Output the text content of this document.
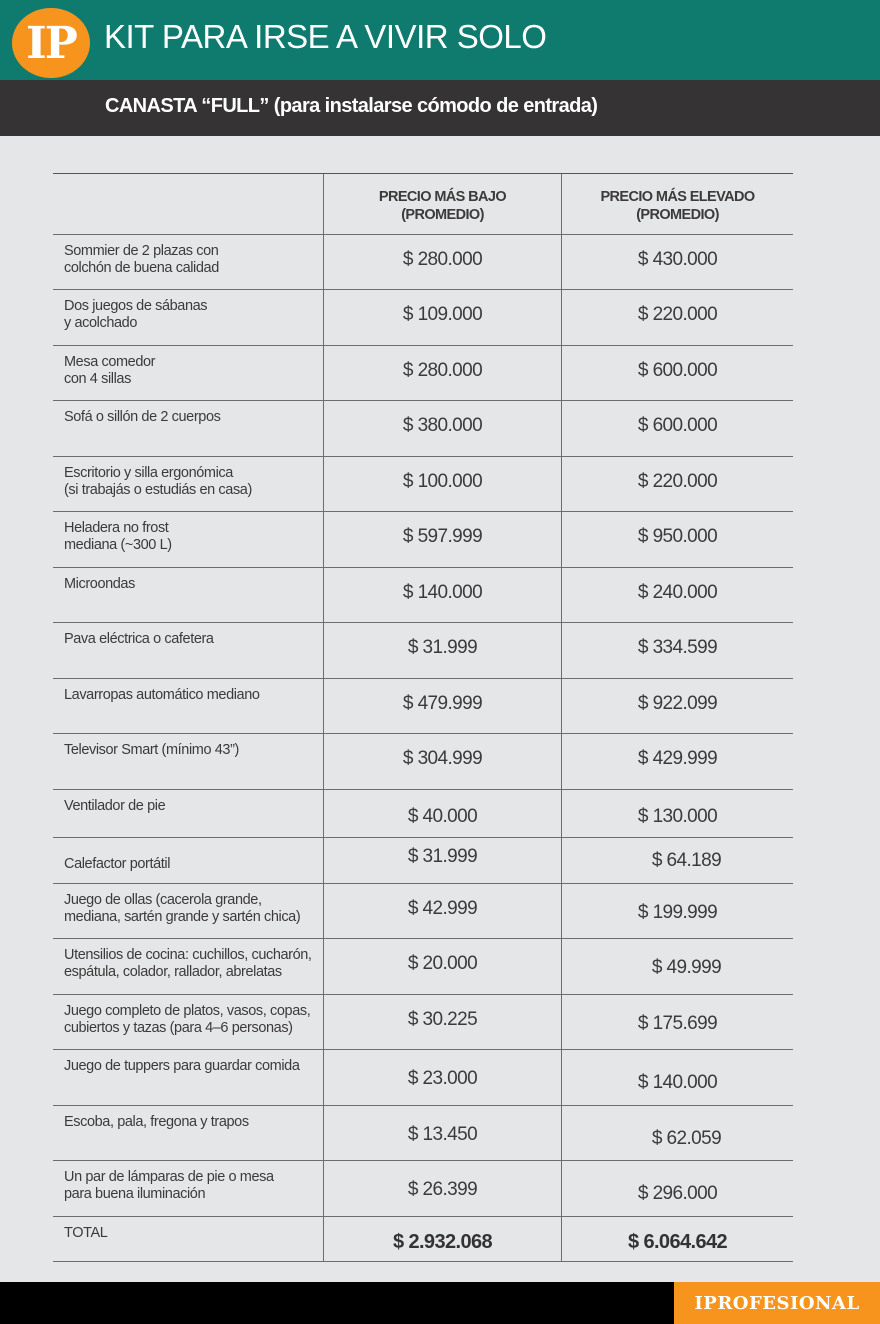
KIT PARA IRSE A VIVIR SOLO
IP
CANASTA “FULL” (para instalarse cómodo de entrada)
PRECIO MÁS BAJO
(PROMEDIO)
PRECIO MÁS ELEVADO
(PROMEDIO)
Sommier de 2 plazas con
colchón de buena calidad	$ 280.000	$ 430.000
Dos juegos de sábanas
y acolchado	$ 109.000	$ 220.000
Mesa comedor
con 4 sillas	$ 280.000	$ 600.000
Sofá o sillón de 2 cuerpos	$ 380.000	$ 600.000
Escritorio y silla ergonómica
(si trabajás o estudiás en casa)	$ 100.000	$ 220.000
Heladera no frost
mediana (~300 L)	$ 597.999	$ 950.000
Microondas	$ 140.000	$ 240.000
Pava eléctrica o cafetera	$ 31.999	$ 334.599
Lavarropas automático mediano	$ 479.999	$ 922.099
Televisor Smart (mínimo 43”)	$ 304.999	$ 429.999
Ventilador de pie	$ 40.000	$ 130.000
Calefactor portátil	$ 31.999	$ 64.189
Juego de ollas (cacerola grande,
mediana, sartén grande y sartén chica)	$ 42.999	$ 199.999
Utensilios de cocina: cuchillos, cucharón,
espátula, colador, rallador, abrelatas	$ 20.000	$ 49.999
Juego completo de platos, vasos, copas,
cubiertos y tazas (para 4–6 personas)	$ 30.225	$ 175.699
Juego de tuppers para guardar comida
$ 23.000	$ 140.000
Escoba, pala, fregona y trapos
$ 13.450	$ 62.059
Un par de lámparas de pie o mesa
para buena iluminación	$ 26.399	$ 296.000
TOTAL	$ 2.932.068	$ 6.064.642
IPROFESIONAL
